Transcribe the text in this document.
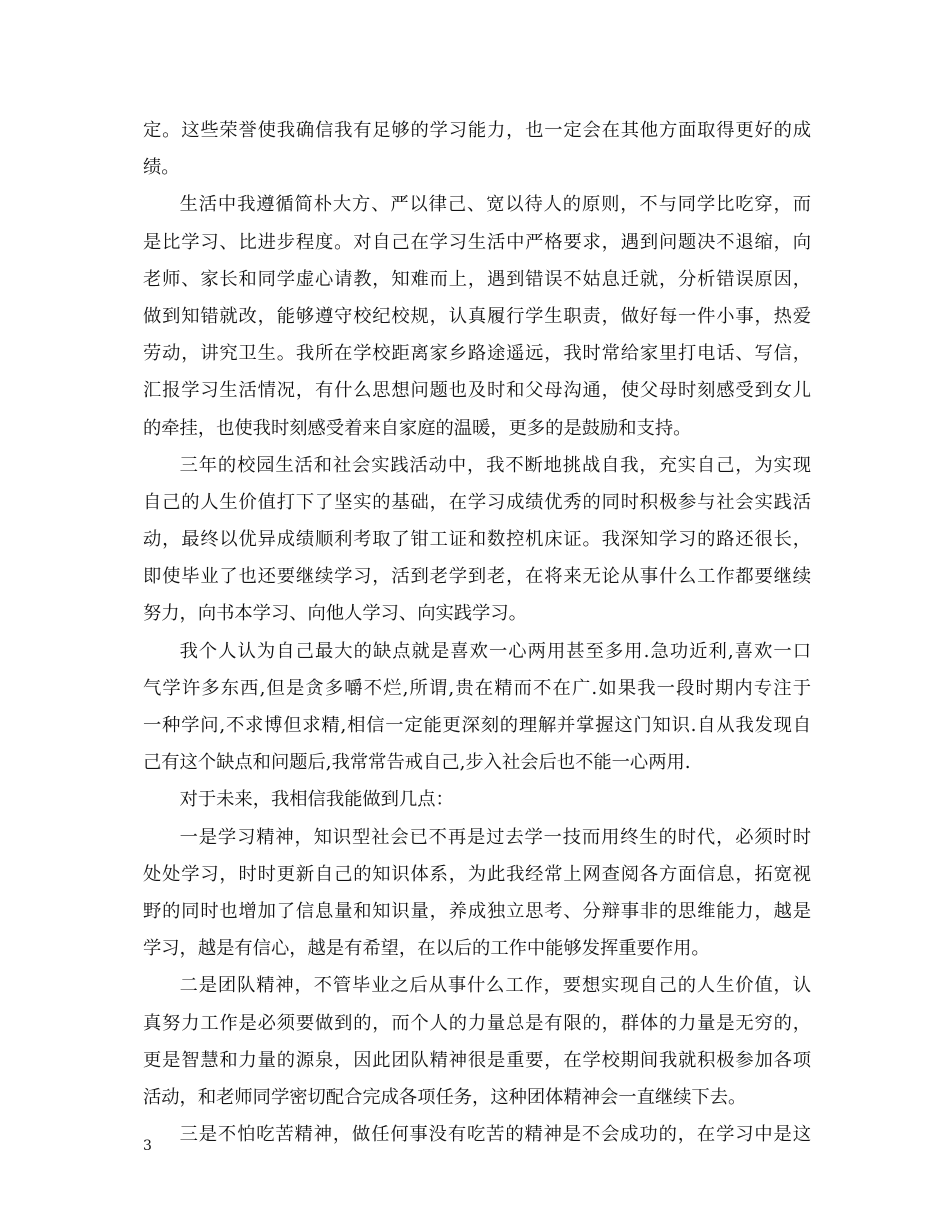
定。这些荣誉使我确信我有足够的学习能力，也一定会在其他方面取得更好的成
绩。
生活中我遵循简朴大方、严以律己、宽以待人的原则，不与同学比吃穿，而
是比学习、比进步程度。对自己在学习生活中严格要求，遇到问题决不退缩，向
老师、家长和同学虚心请教，知难而上，遇到错误不姑息迁就，分析错误原因，
做到知错就改，能够遵守校纪校规，认真履行学生职责，做好每一件小事，热爱
劳动，讲究卫生。我所在学校距离家乡路途遥远，我时常给家里打电话、写信，
汇报学习生活情况，有什么思想问题也及时和父母沟通，使父母时刻感受到女儿
的牵挂，也使我时刻感受着来自家庭的温暖，更多的是鼓励和支持。
三年的校园生活和社会实践活动中，我不断地挑战自我，充实自己，为实现
自己的人生价值打下了坚实的基础，在学习成绩优秀的同时积极参与社会实践活
动，最终以优异成绩顺利考取了钳工证和数控机床证。我深知学习的路还很长，
即使毕业了也还要继续学习，活到老学到老，在将来无论从事什么工作都要继续
努力，向书本学习、向他人学习、向实践学习。
我个人认为自己最大的缺点就是喜欢一心两用甚至多用.急功近利,喜欢一口
气学许多东西,但是贪多嚼不烂,所谓,贵在精而不在广.如果我一段时期内专注于
一种学问,不求博但求精,相信一定能更深刻的理解并掌握这门知识.自从我发现自
己有这个缺点和问题后,我常常告戒自己,步入社会后也不能一心两用.
对于未来，我相信我能做到几点：
一是学习精神，知识型社会已不再是过去学一技而用终生的时代，必须时时
处处学习，时时更新自己的知识体系，为此我经常上网查阅各方面信息，拓宽视
野的同时也增加了信息量和知识量，养成独立思考、分辩事非的思维能力，越是
学习，越是有信心，越是有希望，在以后的工作中能够发挥重要作用。
二是团队精神，不管毕业之后从事什么工作，要想实现自己的人生价值，认
真努力工作是必须要做到的，而个人的力量总是有限的，群体的力量是无穷的，
更是智慧和力量的源泉，因此团队精神很是重要，在学校期间我就积极参加各项
活动，和老师同学密切配合完成各项任务，这种团体精神会一直继续下去。
三是不怕吃苦精神，做任何事没有吃苦的精神是不会成功的，在学习中是这
3
